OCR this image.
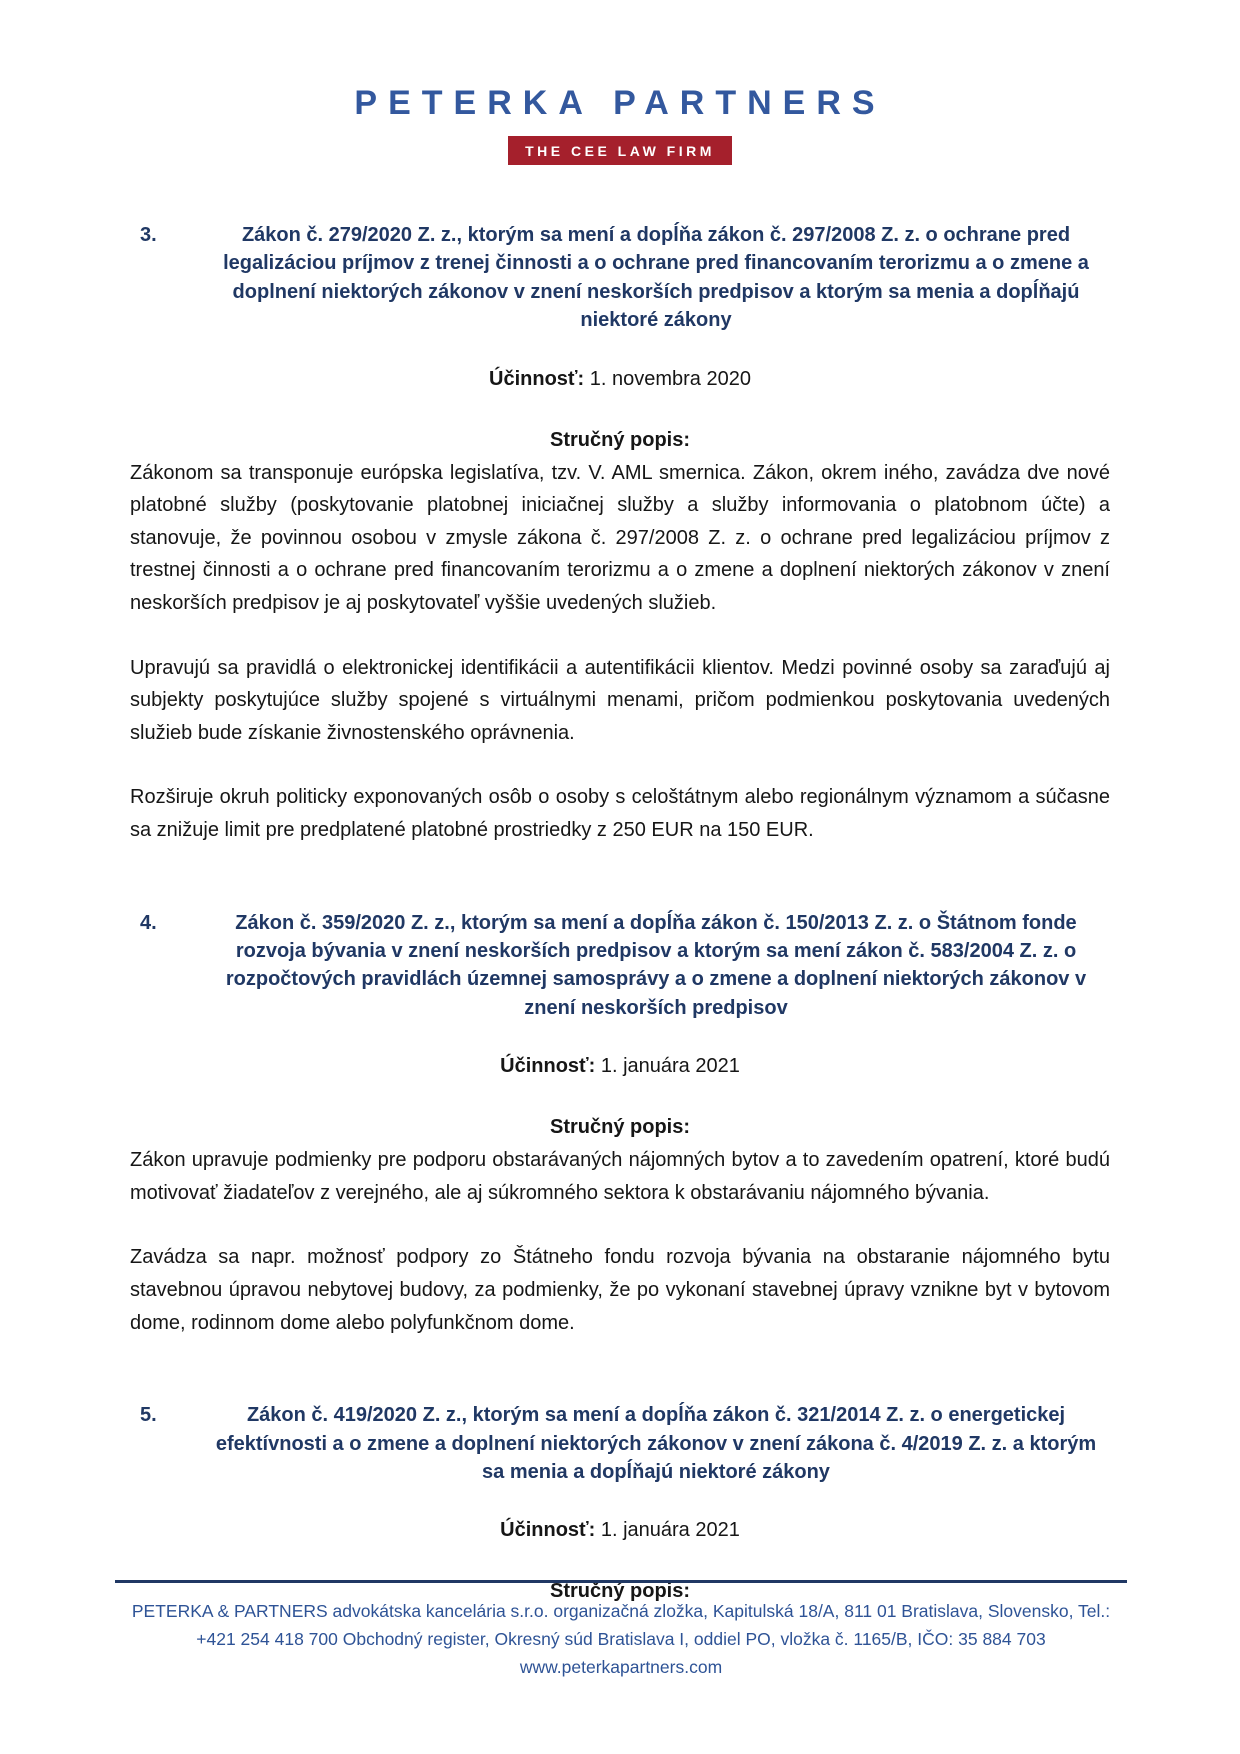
PETERKA PARTNERS
THE CEE LAW FIRM
3.	Zákon č. 279/2020 Z. z., ktorým sa mení a dopĺňa zákon č. 297/2008 Z. z. o ochrane pred legalizáciou príjmov z trenej činnosti a o ochrane pred financovaním terorizmu a o zmene a doplnení niektorých zákonov v znení neskorších predpisov a ktorým sa menia a dopĺňajú niektoré zákony

Účinnosť: 1. novembra 2020

Stručný popis:

Zákonom sa transponuje európska legislatíva, tzv. V. AML smernica. Zákon, okrem iného, zavádza dve nové platobné služby (poskytovanie platobnej iniciačnej služby a služby informovania o platobnom účte) a stanovuje, že povinnou osobou v zmysle zákona č. 297/2008 Z. z. o ochrane pred legalizáciou príjmov z trestnej činnosti a o ochrane pred financovaním terorizmu a o zmene a doplnení niektorých zákonov v znení neskorších predpisov je aj poskytovateľ vyššie uvedených služieb.

Upravujú sa pravidlá o elektronickej identifikácii a autentifikácii klientov. Medzi povinné osoby sa zaraďujú aj subjekty poskytujúce služby spojené s virtuálnymi menami, pričom podmienkou poskytovania uvedených služieb bude získanie živnostenského oprávnenia.

Rozširuje okruh politicky exponovaných osôb o osoby s celoštátnym alebo regionálnym významom a súčasne sa znižuje limit pre predplatené platobné prostriedky z 250 EUR na 150 EUR.

4.	Zákon č. 359/2020 Z. z., ktorým sa mení a dopĺňa zákon č. 150/2013 Z. z. o Štátnom fonde rozvoja bývania v znení neskorších predpisov a ktorým sa mení zákon č. 583/2004 Z. z. o rozpočtových pravidlách územnej samosprávy a o zmene a doplnení niektorých zákonov v znení neskorších predpisov

Účinnosť: 1. januára 2021

Stručný popis:

Zákon upravuje podmienky pre podporu obstarávaných nájomných bytov a to zavedením opatrení, ktoré budú motivovať žiadateľov z verejného, ale aj súkromného sektora k obstarávaniu nájomného bývania.

Zavádza sa napr. možnosť podpory zo Štátneho fondu rozvoja bývania na obstaranie nájomného bytu stavebnou úpravou nebytovej budovy, za podmienky, že po vykonaní stavebnej úpravy vznikne byt v bytovom dome, rodinnom dome alebo polyfunkčnom dome.

5.	Zákon č. 419/2020 Z. z., ktorým sa mení a dopĺňa zákon č. 321/2014 Z. z. o energetickej efektívnosti a o zmene a doplnení niektorých zákonov v znení zákona č. 4/2019 Z. z. a ktorým sa menia a dopĺňajú niektoré zákony

Účinnosť: 1. januára 2021

Stručný popis:

PETERKA & PARTNERS advokátska kancelária s.r.o. organizačná zložka, Kapitulská 18/A, 811 01 Bratislava, Slovensko, Tel.:
+421 254 418 700 Obchodný register, Okresný súd Bratislava I, oddiel PO, vložka č. 1165/B, IČO: 35 884 703
www.peterkapartners.com
